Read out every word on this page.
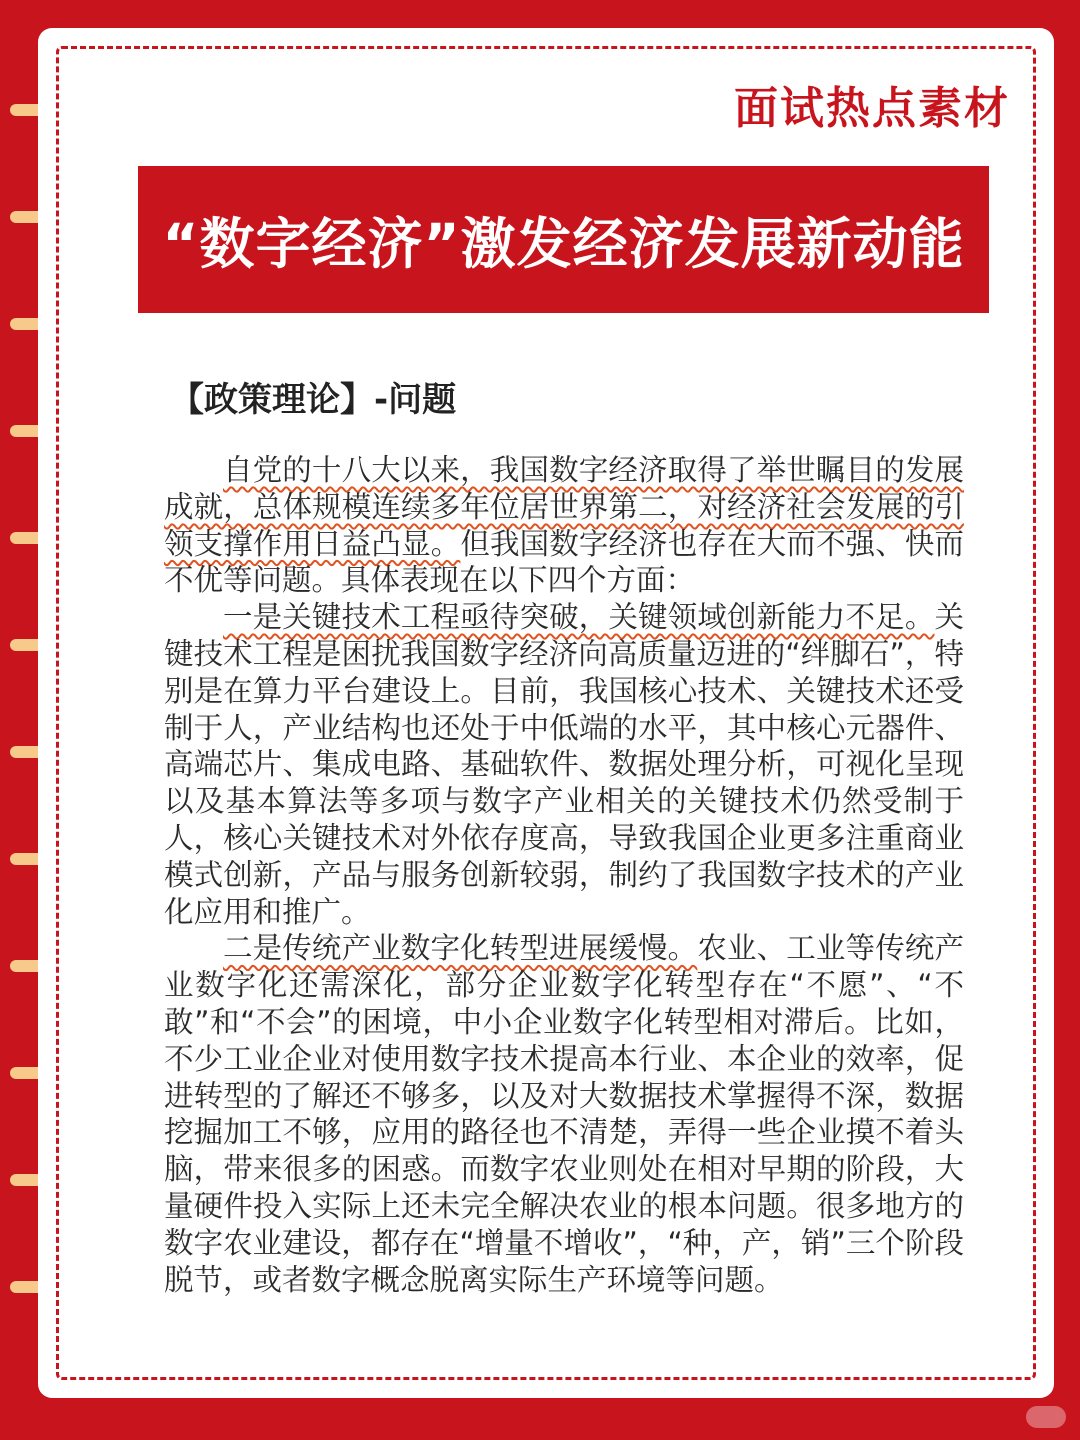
面试热点素材
“数字经济”激发经济发展新动能
【政策理论】-问题

自党的十八大以来，我国数字经济取得了举世瞩目的发展成就，总体规模连续多年位居世界第二，对经济社会发展的引领支撑作用日益凸显。但我国数字经济也存在大而不强、快而不优等问题。具体表现在以下四个方面：

一是关键技术工程亟待突破，关键领域创新能力不足。关键技术工程是困扰我国数字经济向高质量迈进的“绊脚石”，特别是在算力平台建设上。目前，我国核心技术、关键技术还受制于人，产业结构也还处于中低端的水平，其中核心元器件、高端芯片、集成电路、基础软件、数据处理分析，可视化呈现以及基本算法等多项与数字产业相关的关键技术仍然受制于人，核心关键技术对外依存度高，导致我国企业更多注重商业模式创新，产品与服务创新较弱，制约了我国数字技术的产业化应用和推广。

二是传统产业数字化转型进展缓慢。农业、工业等传统产业数字化还需深化，部分企业数字化转型存在“不愿”、“不敢”和“不会”的困境，中小企业数字化转型相对滞后。比如，不少工业企业对使用数字技术提高本行业、本企业的效率，促进转型的了解还不够多，以及对大数据技术掌握得不深，数据挖掘加工不够，应用的路径也不清楚，弄得一些企业摸不着头脑，带来很多的困惑。而数字农业则处在相对早期的阶段，大量硬件投入实际上还未完全解决农业的根本问题。很多地方的数字农业建设，都存在“增量不增收”，“种，产，销”三个阶段脱节，或者数字概念脱离实际生产环境等问题。
